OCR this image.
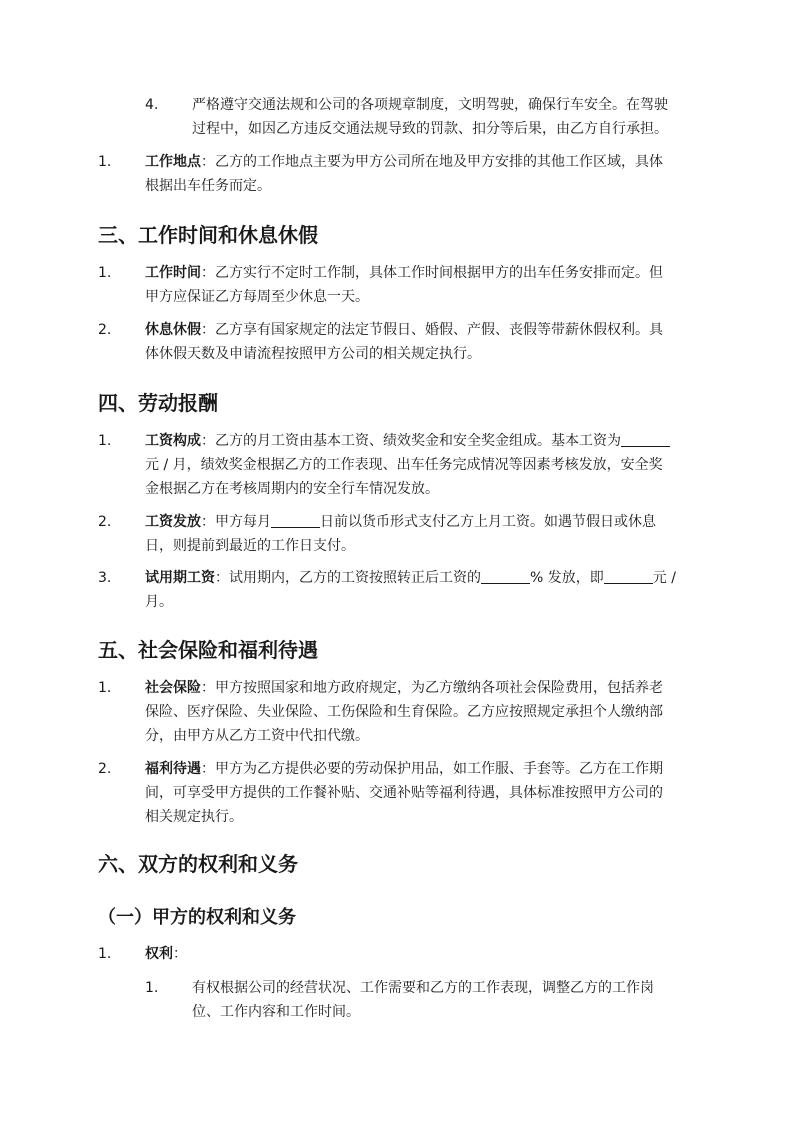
4. 严格遵守交通法规和公司的各项规章制度，文明驾驶，确保行车安全。在驾驶
过程中，如因乙方违反交通法规导致的罚款、扣分等后果，由乙方自行承担。
1. 工作地点：乙方的工作地点主要为甲方公司所在地及甲方安排的其他工作区域，具体
根据出车任务而定。
三、工作时间和休息休假
1. 工作时间：乙方实行不定时工作制，具体工作时间根据甲方的出车任务安排而定。但
甲方应保证乙方每周至少休息一天。
2. 休息休假：乙方享有国家规定的法定节假日、婚假、产假、丧假等带薪休假权利。具
体休假天数及申请流程按照甲方公司的相关规定执行。
四、劳动报酬
1. 工资构成：乙方的月工资由基本工资、绩效奖金和安全奖金组成。基本工资为
元 / 月，绩效奖金根据乙方的工作表现、出车任务完成情况等因素考核发放，安全奖
金根据乙方在考核周期内的安全行车情况发放。
2. 工资发放：甲方每月	日前以货币形式支付乙方上月工资。如遇节假日或休息
日，则提前到最近的工作日支付。
3. 试用期工资：试用期内，乙方的工资按照转正后工资的	% 发放，即	元 /
月。
五、社会保险和福利待遇
1. 社会保险：甲方按照国家和地方政府规定，为乙方缴纳各项社会保险费用，包括养老
保险、医疗保险、失业保险、工伤保险和生育保险。乙方应按照规定承担个人缴纳部
分，由甲方从乙方工资中代扣代缴。
2. 福利待遇：甲方为乙方提供必要的劳动保护用品，如工作服、手套等。乙方在工作期
间，可享受甲方提供的工作餐补贴、交通补贴等福利待遇，具体标准按照甲方公司的
相关规定执行。
六、双方的权利和义务
（一）甲方的权利和义务
1. 权利：
1. 有权根据公司的经营状况、工作需要和乙方的工作表现，调整乙方的工作岗
位、工作内容和工作时间。
